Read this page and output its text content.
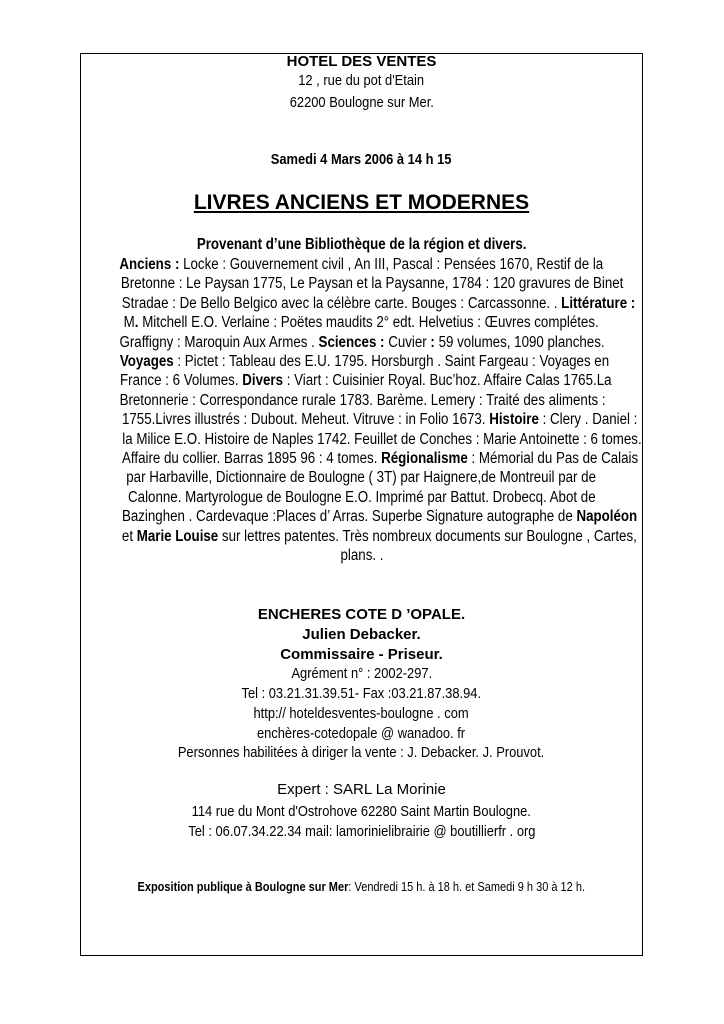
HOTEL DES VENTES
12 , rue du pot d'Etain
62200 Boulogne sur Mer.
Samedi 4 Mars 2006 à 14 h 15
LIVRES ANCIENS ET MODERNES
Provenant d’une Bibliothèque de la région et divers.
Anciens : Locke : Gouvernement civil , An III, Pascal : Pensées 1670, Restif de la
Bretonne : Le Paysan 1775, Le Paysan et la Paysanne, 1784 : 120 gravures de Binet
Stradae : De Bello Belgico avec la célèbre carte. Bouges : Carcassonne. . Littérature :
M. Mitchell E.O. Verlaine : Poëtes maudits 2° edt. Helvetius : Œuvres complétes.
Graffigny : Maroquin Aux Armes . Sciences : Cuvier : 59 volumes, 1090 planches.
Voyages : Pictet : Tableau des E.U. 1795. Horsburgh . Saint Fargeau : Voyages en
France : 6 Volumes. Divers : Viart : Cuisinier Royal. Buc’hoz. Affaire Calas 1765.La
Bretonnerie : Correspondance rurale 1783. Barème. Lemery : Traité des aliments :
1755.Livres illustrés : Dubout. Meheut. Vitruve : in Folio 1673. Histoire : Clery . Daniel :
la Milice E.O. Histoire de Naples 1742. Feuillet de Conches : Marie Antoinette : 6 tomes.
Affaire du collier. Barras 1895 96 : 4 tomes. Régionalisme : Mémorial du Pas de Calais
par Harbaville, Dictionnaire de Boulogne ( 3T) par Haignere,de Montreuil par de
Calonne. Martyrologue de Boulogne E.O. Imprimé par Battut. Drobecq. Abot de
Bazinghen . Cardevaque :Places d’ Arras. Superbe Signature autographe de Napoléon
et Marie Louise sur lettres patentes. Très nombreux documents sur Boulogne , Cartes,
plans. .
ENCHERES COTE D ’OPALE.
Julien Debacker.
Commissaire - Priseur.
Agrément n° : 2002-297.
Tel : 03.21.31.39.51- Fax :03.21.87.38.94.
http:// hoteldesventes-boulogne . com
enchères-cotedopale @ wanadoo. fr
Personnes habilitées à diriger la vente : J. Debacker. J. Prouvot.
Expert : SARL La Morinie
114 rue du Mont d'Ostrohove 62280 Saint Martin Boulogne.
Tel : 06.07.34.22.34 mail: lamorinielibrairie @ boutillierfr . org
Exposition publique à Boulogne sur Mer: Vendredi 15 h. à 18 h. et Samedi 9 h 30 à 12 h.
